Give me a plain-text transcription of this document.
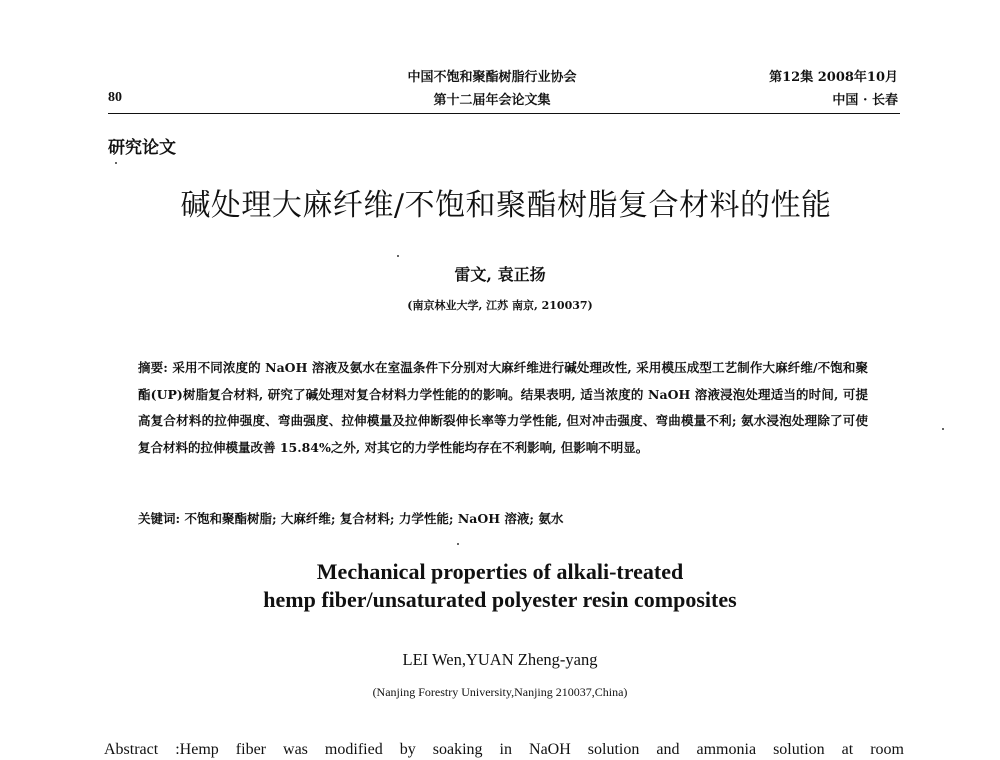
80
中国不饱和聚酯树脂行业协会
第十二届年会论文集
第12集 2008年10月
中国 · 长春
研究论文
碱处理大麻纤维/不饱和聚酯树脂复合材料的性能
雷文, 袁正扬
(南京林业大学, 江苏 南京, 210037)
摘要: 采用不同浓度的 NaOH 溶液及氨水在室温条件下分别对大麻纤维进行碱处理改性, 采用模压成型工艺制作大麻纤维/不饱和聚酯(UP)树脂复合材料, 研究了碱处理对复合材料力学性能的的影响。结果表明, 适当浓度的 NaOH 溶液浸泡处理适当的时间, 可提高复合材料的拉伸强度、弯曲强度、拉伸模量及拉伸断裂伸长率等力学性能, 但对冲击强度、弯曲模量不利; 氨水浸泡处理除了可使复合材料的拉伸模量改善 15.84%之外, 对其它的力学性能均存在不利影响, 但影响不明显。
关键词: 不饱和聚酯树脂; 大麻纤维; 复合材料; 力学性能; NaOH 溶液; 氨水
Mechanical properties of alkali-treated
hemp fiber/unsaturated polyester resin composites
LEI Wen,YUAN Zheng-yang
(Nanjing Forestry University,Nanjing 210037,China)
Abstract :Hemp fiber was modified by soaking in NaOH solution and ammonia solution at room
